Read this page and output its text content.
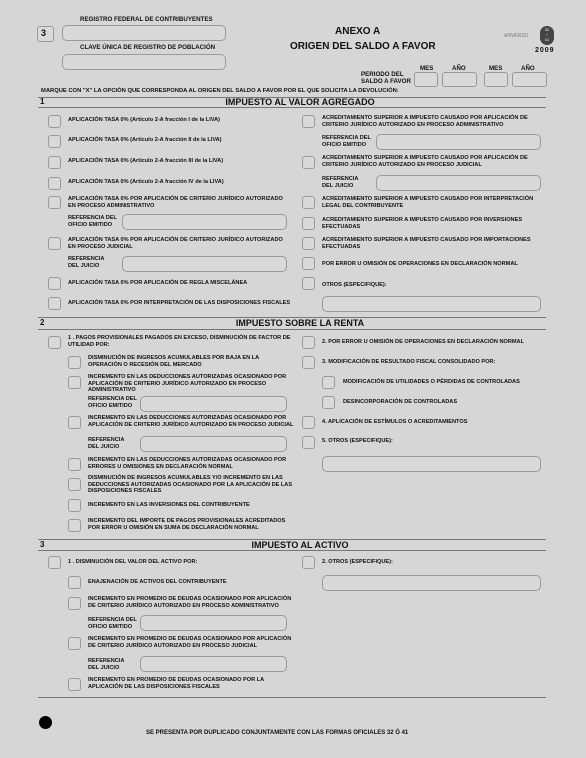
3
REGISTRO FEDERAL DE CONTRIBUYENTES
CLAVE ÚNICA DE REGISTRO DE POBLACIÓN
ANEXO A
ORIGEN DEL SALDO A FAVOR
ANVERSO
32
/
41
2009
MES	AÑO	MES	AÑO
PERIODO DEL
SALDO A FAVOR
MARQUE CON "X" LA OPCIÓN QUE CORRESPONDA AL ORIGEN DEL SALDO A FAVOR POR EL QUE SOLICITA LA DEVOLUCIÓN:
1	IMPUESTO AL VALOR AGREGADO
APLICACIÓN TASA 0% (Artículo 2-A fracción I de la LIVA)
APLICACIÓN TASA 0% (Artículo 2-A fracción II de la LIVA)
APLICACIÓN TASA 0% (Artículo 2-A fracción III de la LIVA)
APLICACIÓN TASA 0% (Artículo 2-A fracción IV de la LIVA)
APLICACIÓN TASA 0% POR APLICACIÓN DE CRITERIO JURÍDICO AUTORIZADO EN PROCESO ADMINISTRATIVO
REFERENCIA DEL
OFICIO EMITIDO
APLICACIÓN TASA 0% POR APLICACIÓN DE CRITERIO JURÍDICO AUTORIZADO EN PROCESO JUDICIAL
REFERENCIA
DEL JUICIO
APLICACIÓN TASA 0% POR APLICACIÓN DE REGLA MISCELÁNEA
APLICACIÓN TASA 0% POR INTERPRETACIÓN DE LAS DISPOSICIONES FISCALES
ACREDITAMIENTO SUPERIOR A IMPUESTO CAUSADO POR APLICACIÓN DE CRITERIO JURÍDICO AUTORIZADO EN PROCESO ADMINISTRATIVO
REFERENCIA DEL
OFICIO EMITIDO
ACREDITAMIENTO SUPERIOR A IMPUESTO CAUSADO POR APLICACIÓN DE CRITERIO JURÍDICO AUTORIZADO EN PROCESO JUDICIAL
REFERENCIA
DEL JUICIO
ACREDITAMIENTO SUPERIOR A IMPUESTO CAUSADO POR INTERPRETACIÓN LEGAL DEL CONTRIBUYENTE
ACREDITAMIENTO SUPERIOR A IMPUESTO CAUSADO POR INVERSIONES EFECTUADAS
ACREDITAMIENTO SUPERIOR A IMPUESTO CAUSADO POR IMPORTACIONES EFECTUADAS
POR ERROR U OMISIÓN DE OPERACIONES EN DECLARACIÓN NORMAL
OTROS (ESPECIFIQUE):
2	IMPUESTO SOBRE LA RENTA
1 . PAGOS PROVISIONALES PAGADOS EN EXCESO, DISMINUCIÓN DE FACTOR DE UTILIDAD POR:
DISMINUCIÓN DE INGRESOS ACUMULABLES POR BAJA EN LA OPERACIÓN O RECESIÓN DEL MERCADO
INCREMENTO EN LAS DEDUCCIONES AUTORIZADAS OCASIONADO POR APLICACIÓN DE CRITERIO JURÍDICO AUTORIZADO EN PROCESO ADMINISTRATIVO
REFERENCIA DEL
OFICIO EMITIDO
INCREMENTO EN LAS DEDUCCIONES AUTORIZADAS OCASIONADO POR APLICACIÓN DE CRITERIO JURÍDICO AUTORIZADO EN PROCESO JUDICIAL
REFERENCIA
DEL JUICIO
INCREMENTO EN LAS DEDUCCIONES AUTORIZADAS OCASIONADO POR ERRORES U OMISIONES EN DECLARACIÓN NORMAL
DISMINUCIÓN DE INGRESOS ACUMULABLES Y/O INCREMENTO EN LAS DEDUCCIONES AUTORIZADAS OCASIONADO POR LA APLICACIÓN DE LAS DISPOSICIONES FISCALES
INCREMENTO EN LAS INVERSIONES DEL CONTRIBUYENTE
INCREMENTO DEL IMPORTE DE PAGOS PROVISIONALES ACREDITADOS POR ERROR U OMISIÓN EN SUMA DE DECLARACIÓN NORMAL
2. POR ERROR U OMISIÓN DE OPERACIONES EN DECLARACIÓN NORMAL
3. MODIFICACIÓN DE RESULTADO FISCAL CONSOLIDADO POR:
MODIFICACIÓN DE UTILIDADES O PÉRDIDAS DE CONTROLADAS
DESINCORPORACIÓN DE CONTROLADAS
4. APLICACIÓN DE ESTÍMULOS O ACREDITAMIENTOS
5. OTROS (ESPECIFIQUE):
3	IMPUESTO AL ACTIVO
1 . DISMINUCIÓN DEL VALOR DEL ACTIVO POR:
ENAJENACIÓN DE ACTIVOS DEL CONTRIBUYENTE
INCREMENTO EN PROMEDIO DE DEUDAS OCASIONADO POR APLICACIÓN DE CRITERIO JURÍDICO AUTORIZADO EN PROCESO ADMINISTRATIVO
REFERENCIA DEL
OFICIO EMITIDO
INCREMENTO EN PROMEDIO DE DEUDAS OCASIONADO POR APLICACIÓN DE CRITERIO JURÍDICO AUTORIZADO EN PROCESO JUDICIAL
REFERENCIA
DEL JUICIO
INCREMENTO EN PROMEDIO DE DEUDAS OCASIONADO POR LA APLICACIÓN DE LAS DISPOSICIONES FISCALES
2. OTROS (ESPECIFIQUE):
SE PRESENTA POR DUPLICADO CONJUNTAMENTE CON LAS FORMAS OFICIALES 32 Ó 41
